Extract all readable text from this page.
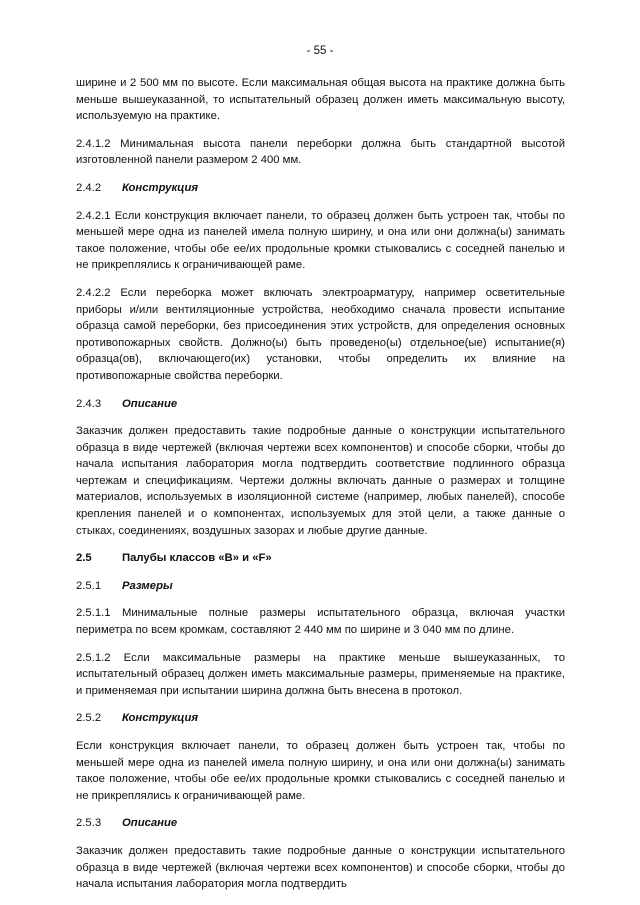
- 55 -

ширине и 2 500 мм по высоте. Если максимальная общая высота на практике должна быть меньше вышеуказанной, то испытательный образец должен иметь максимальную высоту, используемую на практике.

2.4.1.2 Минимальная высота панели переборки должна быть стандартной высотой изготовленной панели размером 2 400 мм.

2.4.2	Конструкция

2.4.2.1 Если конструкция включает панели, то образец должен быть устроен так, чтобы по меньшей мере одна из панелей имела полную ширину, и она или они должна(ы) занимать такое положение, чтобы обе ее/их продольные кромки стыковались с соседней панелью и не прикреплялись к ограничивающей раме.

2.4.2.2 Если переборка может включать электроарматуру, например осветительные приборы и/или вентиляционные устройства, необходимо сначала провести испытание образца самой переборки, без присоединения этих устройств, для определения основных противопожарных свойств. Должно(ы) быть проведено(ы) отдельное(ые) испытание(я) образца(ов), включающего(их) установки, чтобы определить их влияние на противопожарные свойства переборки.

2.4.3	Описание

Заказчик должен предоставить такие подробные данные о конструкции испытательного образца в виде чертежей (включая чертежи всех компонентов) и способе сборки, чтобы до начала испытания лаборатория могла подтвердить соответствие подлинного образца чертежам и спецификациям. Чертежи должны включать данные о размерах и толщине материалов, используемых в изоляционной системе (например, любых панелей), способе крепления панелей и о компонентах, используемых для этой цели, а также данные о стыках, соединениях, воздушных зазорах и любые другие данные.

2.5	Палубы классов «В» и «F»
2.5.1	Размеры

2.5.1.1 Минимальные полные размеры испытательного образца, включая участки периметра по всем кромкам, составляют 2 440 мм по ширине и 3 040 мм по длине.

2.5.1.2 Если максимальные размеры на практике меньше вышеуказанных, то испытательный образец должен иметь максимальные размеры, применяемые на практике, и применяемая при испытании ширина должна быть внесена в протокол.

2.5.2	Конструкция

Если конструкция включает панели, то образец должен быть устроен так, чтобы по меньшей мере одна из панелей имела полную ширину, и она или они должна(ы) занимать такое положение, чтобы обе ее/их продольные кромки стыковались с соседней панелью и не прикреплялись к ограничивающей раме.

2.5.3	Описание

Заказчик должен предоставить такие подробные данные о конструкции испытательного образца в виде чертежей (включая чертежи всех компонентов) и способе сборки, чтобы до начала испытания лаборатория могла подтвердить
